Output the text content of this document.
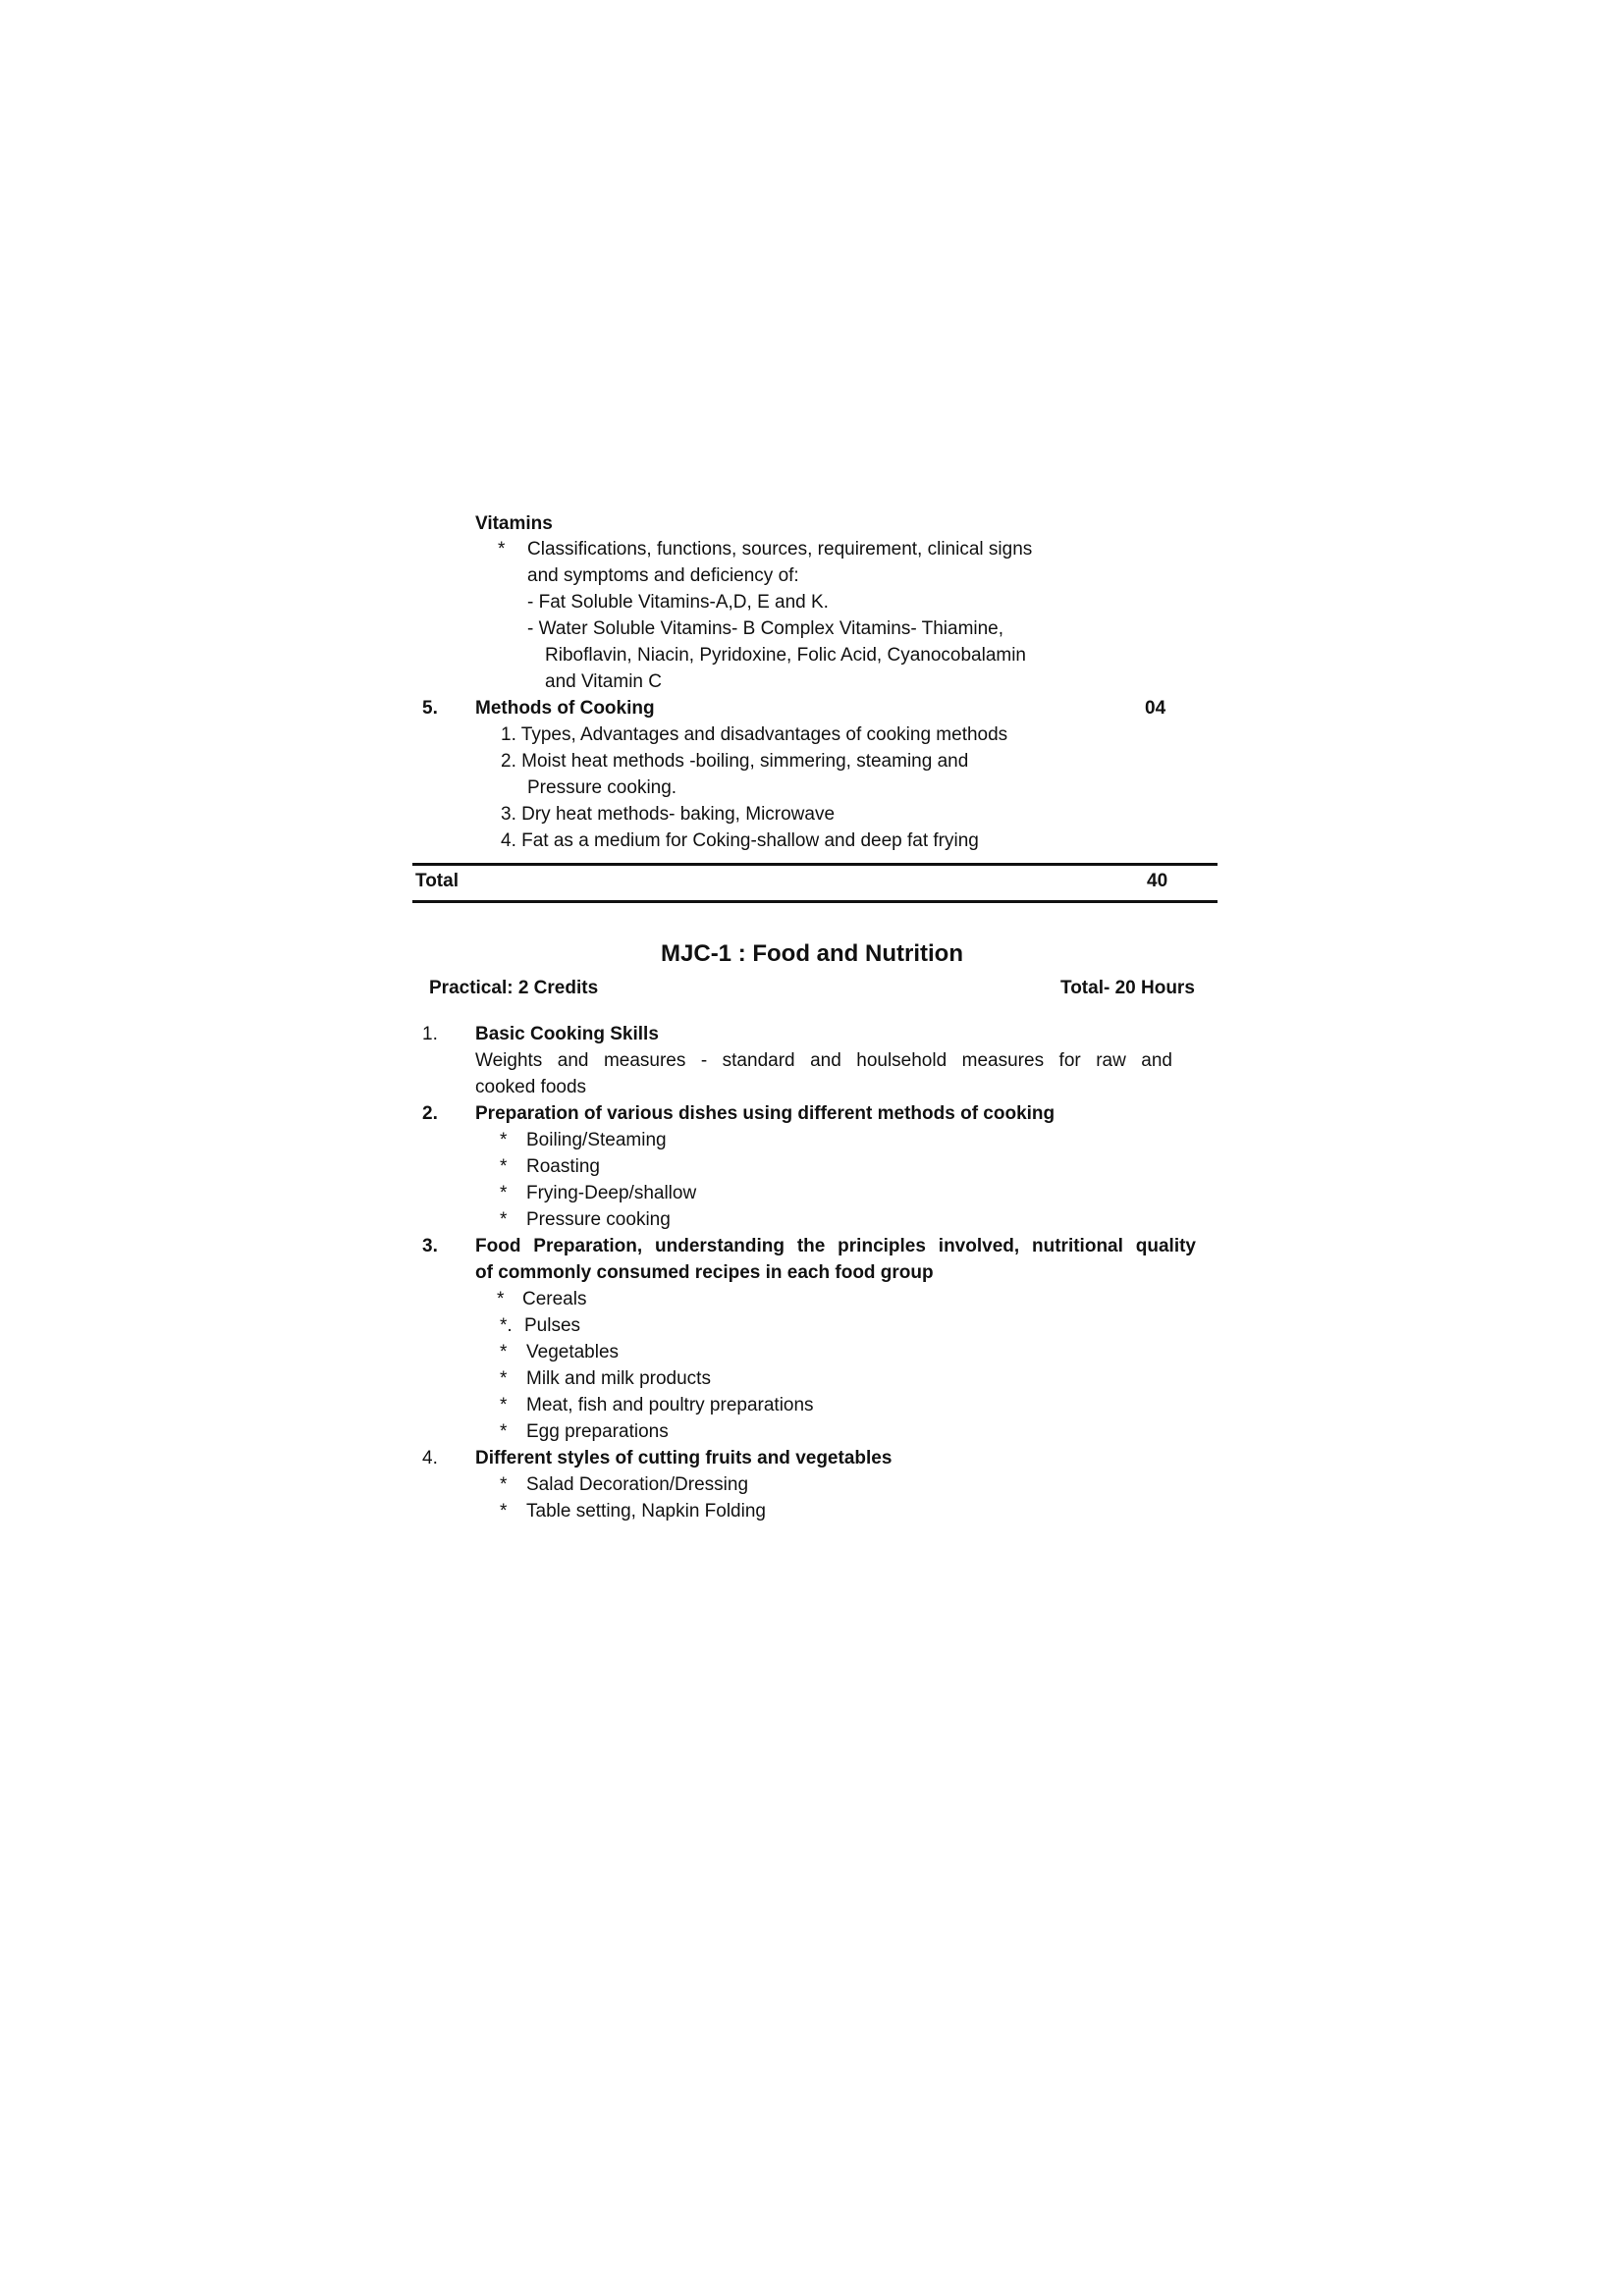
Vitamins
* Classifications, functions, sources, requirement, clinical signs
and symptoms and deficiency of:
- Fat Soluble Vitamins-A,D, E and K.
- Water Soluble Vitamins- B Complex Vitamins- Thiamine,
Riboflavin, Niacin, Pyridoxine, Folic Acid, Cyanocobalamin
and Vitamin C
5. Methods of Cooking	04
1. Types, Advantages and disadvantages of cooking methods
2. Moist heat methods -boiling, simmering, steaming and
Pressure cooking.
3. Dry heat methods- baking, Microwave
4. Fat as a medium for Coking-shallow and deep fat frying
Total	40
MJC-1 : Food and Nutrition
Practical: 2 Credits	Total- 20 Hours
1. Basic Cooking Skills
Weights and measures - standard and houlsehold measures for raw and
cooked foods
2. Preparation of various dishes using different methods of cooking
* Boiling/Steaming
* Roasting
* Frying-Deep/shallow
* Pressure cooking
3. Food Preparation, understanding the principles involved, nutritional quality
of commonly consumed recipes in each food group
* Cereals
*. Pulses
* Vegetables
* Milk and milk products
* Meat, fish and poultry preparations
* Egg preparations
4. Different styles of cutting fruits and vegetables
* Salad Decoration/Dressing
* Table setting, Napkin Folding
